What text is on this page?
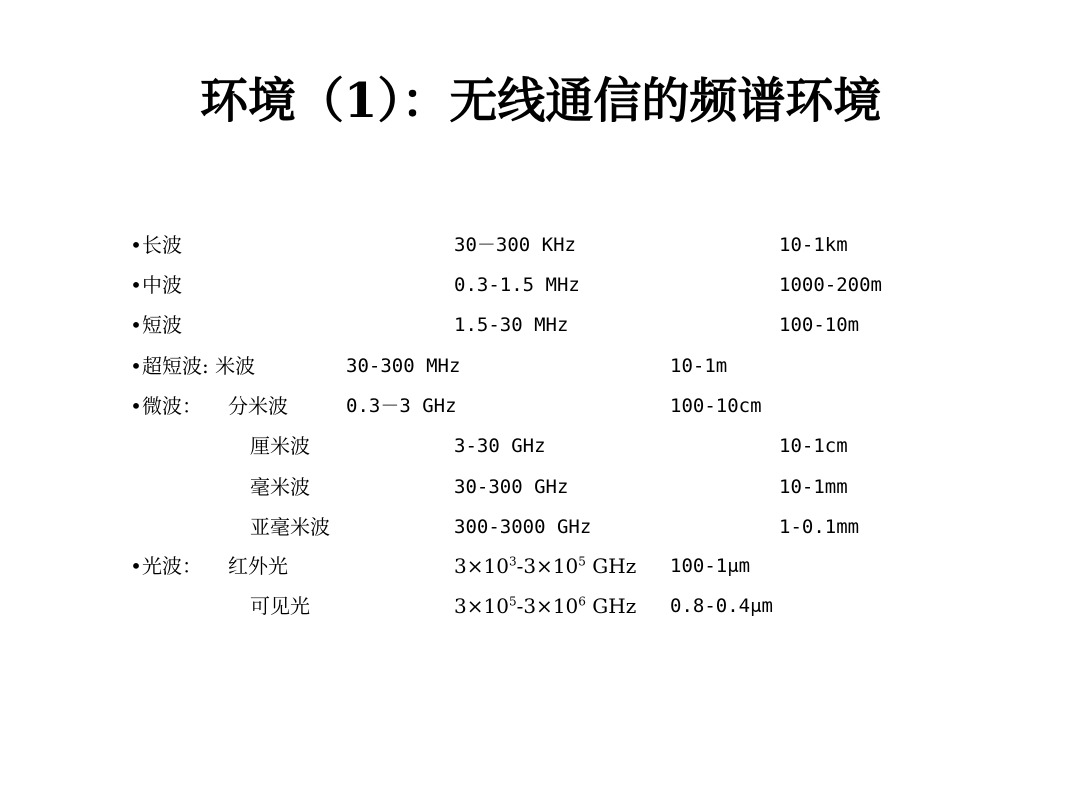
环境（1）：无线通信的频谱环境
•长波	30－300 KHz	10-1km
•中波	0.3-1.5 MHz	1000-200m
•短波	1.5-30 MHz	100-10m
•超短波: 米波	30-300 MHz	10-1m
•微波： 分米波	0.3－3 GHz	100-10cm
厘米波	3-30 GHz	10-1cm
毫米波	30-300 GHz	10-1mm
亚毫米波	300-3000 GHz	1-0.1mm
•光波： 红外光	$3\times 10^3-3\times 10^5$ GHz 100-1μm
可见光	$3\times 10^5-3\times 10^6$ GHz 0.8-0.4μm
